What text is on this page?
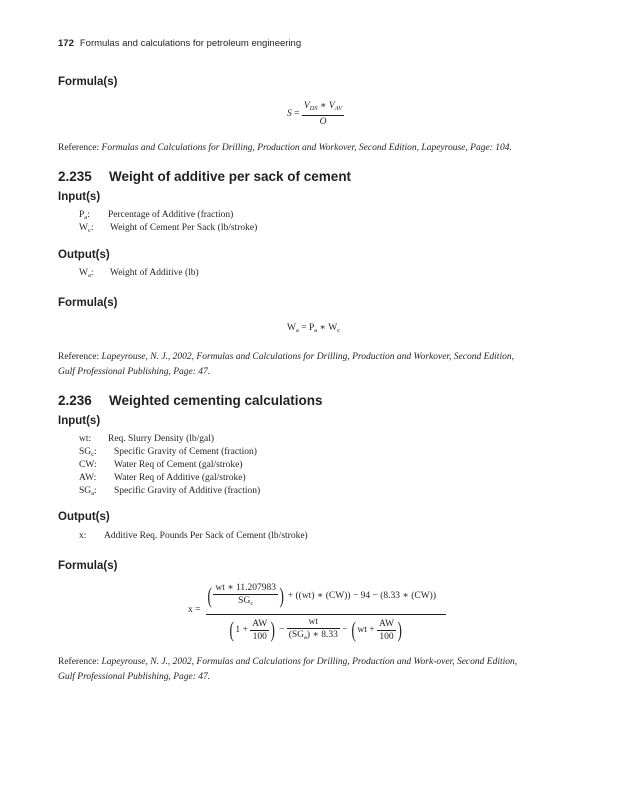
172 Formulas and calculations for petroleum engineering
Formula(s)
$S = \frac{V_{DS} ∗ V_{AV}}{O}$
Reference: Formulas and Calculations for Drilling, Production and Workover, Second Edition, Lapeyrouse, Page: 104.
2.235 Weight of additive per sack of cement
Input(s)
$P_a$: Percentage of Additive (fraction)
$W_c$: Weight of Cement Per Sack (lb/stroke)
Output(s)
$W_a$: Weight of Additive (lb)
Formula(s)
$W_a = P_a$ ∗ $W_c$
Reference: Lapeyrouse, N. J., 2002, Formulas and Calculations for Drilling, Production and Workover, Second Edition,
Gulf Professional Publishing, Page: 47.
2.236 Weighted cementing calculations
Input(s)
wt: Req. Slurry Density (lb/gal)
$SG_c$: Specific Gravity of Cement (fraction)
CW: Water Req of Cement (gal/stroke)
AW: Water Req of Additive (gal/stroke)
$SG_a$: Specific Gravity of Additive (fraction)
Output(s)
x: Additive Req. Pounds Per Sack of Cement (lb/stroke)
Formula(s)
x =
( $\frac{wt ∗ 11.207983}{SG_c}$ ) + ((wt) ∗ (CW)) − 94 − (8.33 ∗ (CW))
($1 + \frac{AW}{100}$ ) − $\frac{wt}{(SG_a) ∗ 8.33} - (wt + \frac{AW}{100}$ )
Reference: Lapeyrouse, N. J., 2002, Formulas and Calculations for Drilling, Production and Work-over, Second Edition,
Gulf Professional Publishing, Page: 47.
